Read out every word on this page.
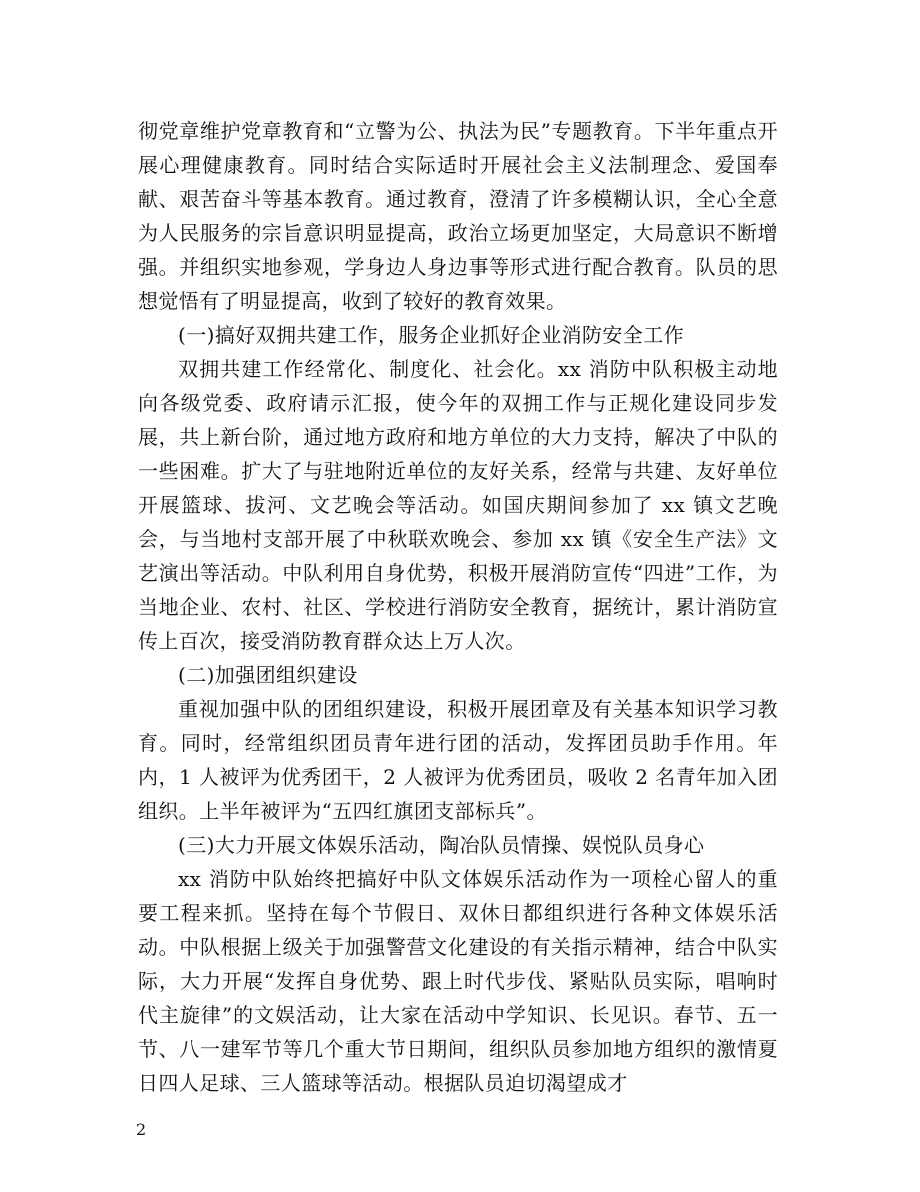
彻党章维护党章教育和“立警为公、执法为民”专题教育。下半年重点开展心理健康教育。同时结合实际适时开展社会主义法制理念、爱国奉献、艰苦奋斗等基本教育。通过教育，澄清了许多模糊认识，全心全意为人民服务的宗旨意识明显提高，政治立场更加坚定，大局意识不断增强。并组织实地参观，学身边人身边事等形式进行配合教育。队员的思想觉悟有了明显提高，收到了较好的教育效果。

(一)搞好双拥共建工作，服务企业抓好企业消防安全工作

双拥共建工作经常化、制度化、社会化。xx 消防中队积极主动地向各级党委、政府请示汇报，使今年的双拥工作与正规化建设同步发展，共上新台阶，通过地方政府和地方单位的大力支持，解决了中队的一些困难。扩大了与驻地附近单位的友好关系，经常与共建、友好单位开展篮球、拔河、文艺晚会等活动。如国庆期间参加了 xx 镇文艺晚会，与当地村支部开展了中秋联欢晚会、参加 xx 镇《安全生产法》文艺演出等活动。中队利用自身优势，积极开展消防宣传“四进”工作，为当地企业、农村、社区、学校进行消防安全教育，据统计，累计消防宣传上百次，接受消防教育群众达上万人次。

(二)加强团组织建设

重视加强中队的团组织建设，积极开展团章及有关基本知识学习教育。同时，经常组织团员青年进行团的活动，发挥团员助手作用。年内，1 人被评为优秀团干，2 人被评为优秀团员，吸收 2 名青年加入团组织。上半年被评为“五四红旗团支部标兵”。

(三)大力开展文体娱乐活动，陶冶队员情操、娱悦队员身心

xx 消防中队始终把搞好中队文体娱乐活动作为一项栓心留人的重要工程来抓。坚持在每个节假日、双休日都组织进行各种文体娱乐活动。中队根据上级关于加强警营文化建设的有关指示精神，结合中队实际，大力开展“发挥自身优势、跟上时代步伐、紧贴队员实际，唱响时代主旋律”的文娱活动，让大家在活动中学知识、长见识。春节、五一节、八一建军节等几个重大节日期间，组织队员参加地方组织的激情夏日四人足球、三人篮球等活动。根据队员迫切渴望成才

2
